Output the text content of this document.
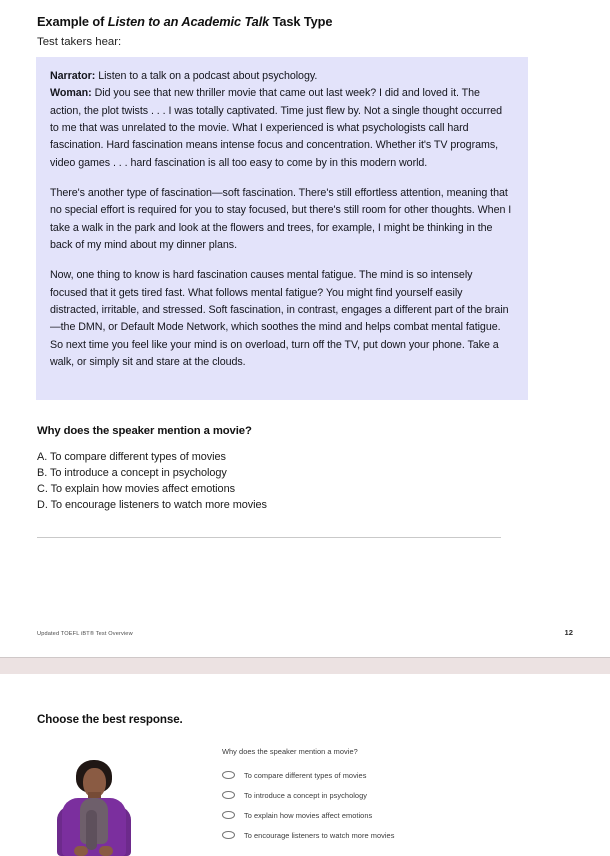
Example of Listen to an Academic Talk Task Type
Test takers hear:
Narrator: Listen to a talk on a podcast about psychology.
Woman: Did you see that new thriller movie that came out last week? I did and loved it. The action, the plot twists . . . I was totally captivated. Time just flew by. Not a single thought occurred to me that was unrelated to the movie. What I experienced is what psychologists call hard fascination. Hard fascination means intense focus and concentration. Whether it's TV programs, video games . . . hard fascination is all too easy to come by in this modern world.
There's another type of fascination—soft fascination. There's still effortless attention, meaning that no special effort is required for you to stay focused, but there's still room for other thoughts. When I take a walk in the park and look at the flowers and trees, for example, I might be thinking in the back of my mind about my dinner plans.
Now, one thing to know is hard fascination causes mental fatigue. The mind is so intensely focused that it gets tired fast. What follows mental fatigue? You might find yourself easily distracted, irritable, and stressed. Soft fascination, in contrast, engages a different part of the brain—the DMN, or Default Mode Network, which soothes the mind and helps combat mental fatigue. So next time you feel like your mind is on overload, turn off the TV, put down your phone. Take a walk, or simply sit and stare at the clouds.
Why does the speaker mention a movie?
A. To compare different types of movies
B. To introduce a concept in psychology
C. To explain how movies affect emotions
D. To encourage listeners to watch more movies
Updated TOEFL iBT® Test Overview	12
Choose the best response.
Why does the speaker mention a movie?
To compare different types of movies
To introduce a concept in psychology
To explain how movies affect emotions
To encourage listeners to watch more movies
